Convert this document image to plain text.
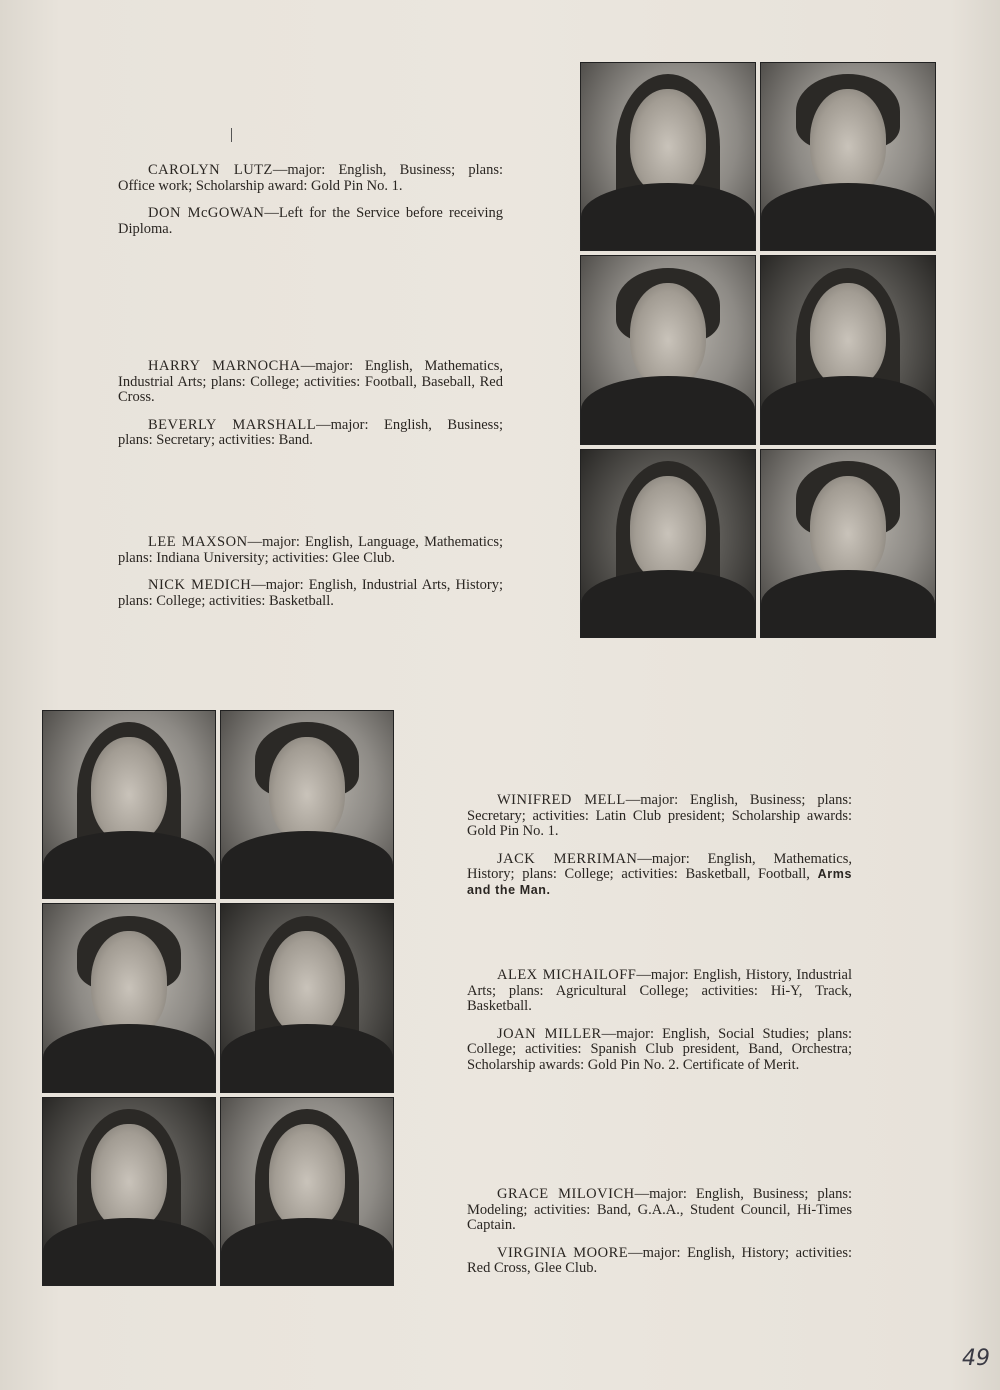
CAROLYN LUTZ—major: English, Business; plans: Office work; Scholarship award: Gold Pin No. 1.

DON McGOWAN—Left for the Service before receiving Diploma.

HARRY MARNOCHA—major: English, Mathematics, Industrial Arts; plans: College; activities: Football, Baseball, Red Cross.

BEVERLY MARSHALL—major: English, Business; plans: Secretary; activities: Band.

LEE MAXSON—major: English, Language, Mathematics; plans: Indiana University; activities: Glee Club.

NICK MEDICH—major: English, Industrial Arts, History; plans: College; activities: Basketball.

WINIFRED MELL—major: English, Business; plans: Secretary; activities: Latin Club president; Scholarship awards: Gold Pin No. 1.

JACK MERRIMAN—major: English, Mathematics, History; plans: College; activities: Basketball, Football, Arms and the Man.

ALEX MICHAILOFF—major: English, History, Industrial Arts; plans: Agricultural College; activities: Hi-Y, Track, Basketball.

JOAN MILLER—major: English, Social Studies; plans: College; activities: Spanish Club president, Band, Orchestra; Scholarship awards: Gold Pin No. 2. Certificate of Merit.

GRACE MILOVICH—major: English, Business; plans: Modeling; activities: Band, G.A.A., Student Council, Hi-Times Captain.

VIRGINIA MOORE—major: English, History; activities: Red Cross, Glee Club.

49
